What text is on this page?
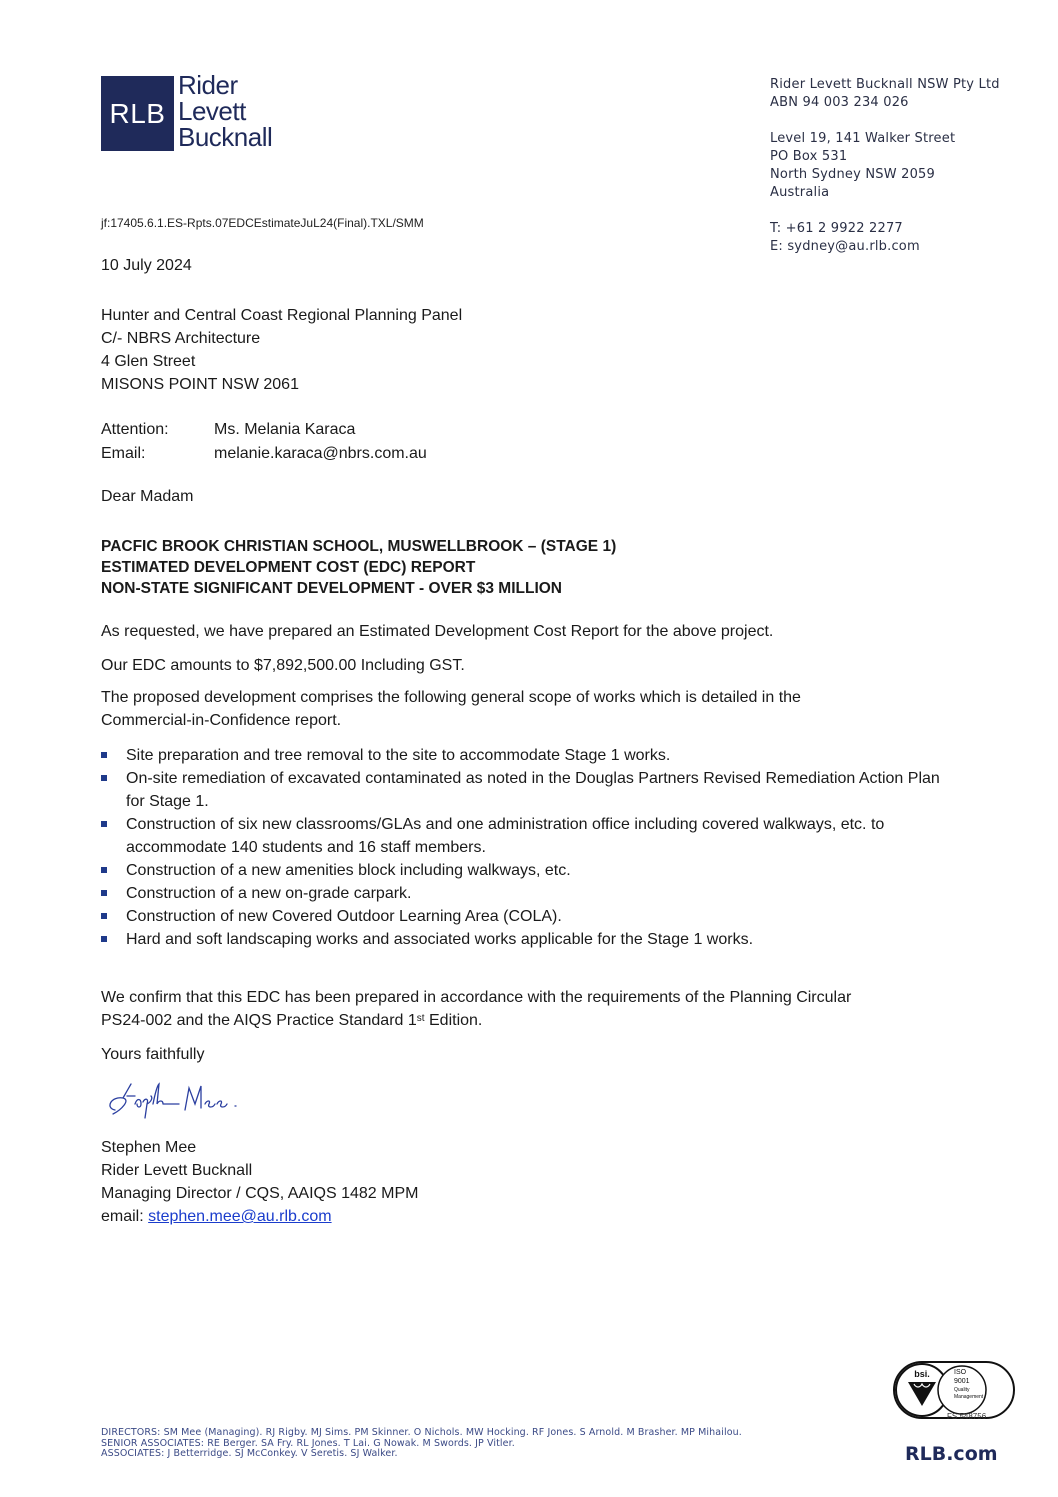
RLB
Rider
Levett
Bucknall
Rider Levett Bucknall NSW Pty Ltd
ABN 94 003 234 026

Level 19, 141 Walker Street
PO Box 531
North Sydney NSW 2059
Australia

T: +61 2 9922 2277
E: sydney@au.rlb.com
jf:17405.6.1.ES-Rpts.07EDCEstimateJuL24(Final).TXL/SMM
10 July 2024
Hunter and Central Coast Regional Planning Panel
C/- NBRS Architecture
4 Glen Street
MISONS POINT NSW 2061
Attention:	Ms. Melania Karaca
Email:	melanie.karaca@nbrs.com.au
Dear Madam
PACFIC BROOK CHRISTIAN SCHOOL, MUSWELLBROOK – (STAGE 1)
ESTIMATED DEVELOPMENT COST (EDC) REPORT
NON-STATE SIGNIFICANT DEVELOPMENT - OVER $3 MILLION
As requested, we have prepared an Estimated Development Cost Report for the above project.
Our EDC amounts to $7,892,500.00 Including GST.
The proposed development comprises the following general scope of works which is detailed in the Commercial-in-Confidence report.
Site preparation and tree removal to the site to accommodate Stage 1 works.
On-site remediation of excavated contaminated as noted in the Douglas Partners Revised Remediation Action Plan for Stage 1.
Construction of six new classrooms/GLAs and one administration office including covered walkways, etc. to accommodate 140 students and 16 staff members.
Construction of a new amenities block including walkways, etc.
Construction of a new on-grade carpark.
Construction of new Covered Outdoor Learning Area (COLA).
Hard and soft landscaping works and associated works applicable for the Stage 1 works.
We confirm that this EDC has been prepared in accordance with the requirements of the Planning Circular PS24-002 and the AIQS Practice Standard 1st Edition.
Yours faithfully
Stephen Mee
Rider Levett Bucknall
Managing Director / CQS, AAIQS 1482 MPM
email: stephen.mee@au.rlb.com
bsi.	ISO
9001
Quality
Management
FS 548756
DIRECTORS: SM Mee (Managing). RJ Rigby. MJ Sims. PM Skinner. O Nichols. MW Hocking. RF Jones. S Arnold. M Brasher. MP Mihailou.
SENIOR ASSOCIATES: RE Berger. SA Fry. RL Jones. T Lai. G Nowak. M Swords. JP Vitler.
ASSOCIATES: J Betterridge. SJ McConkey. V Seretis. SJ Walker.	RLB.com
